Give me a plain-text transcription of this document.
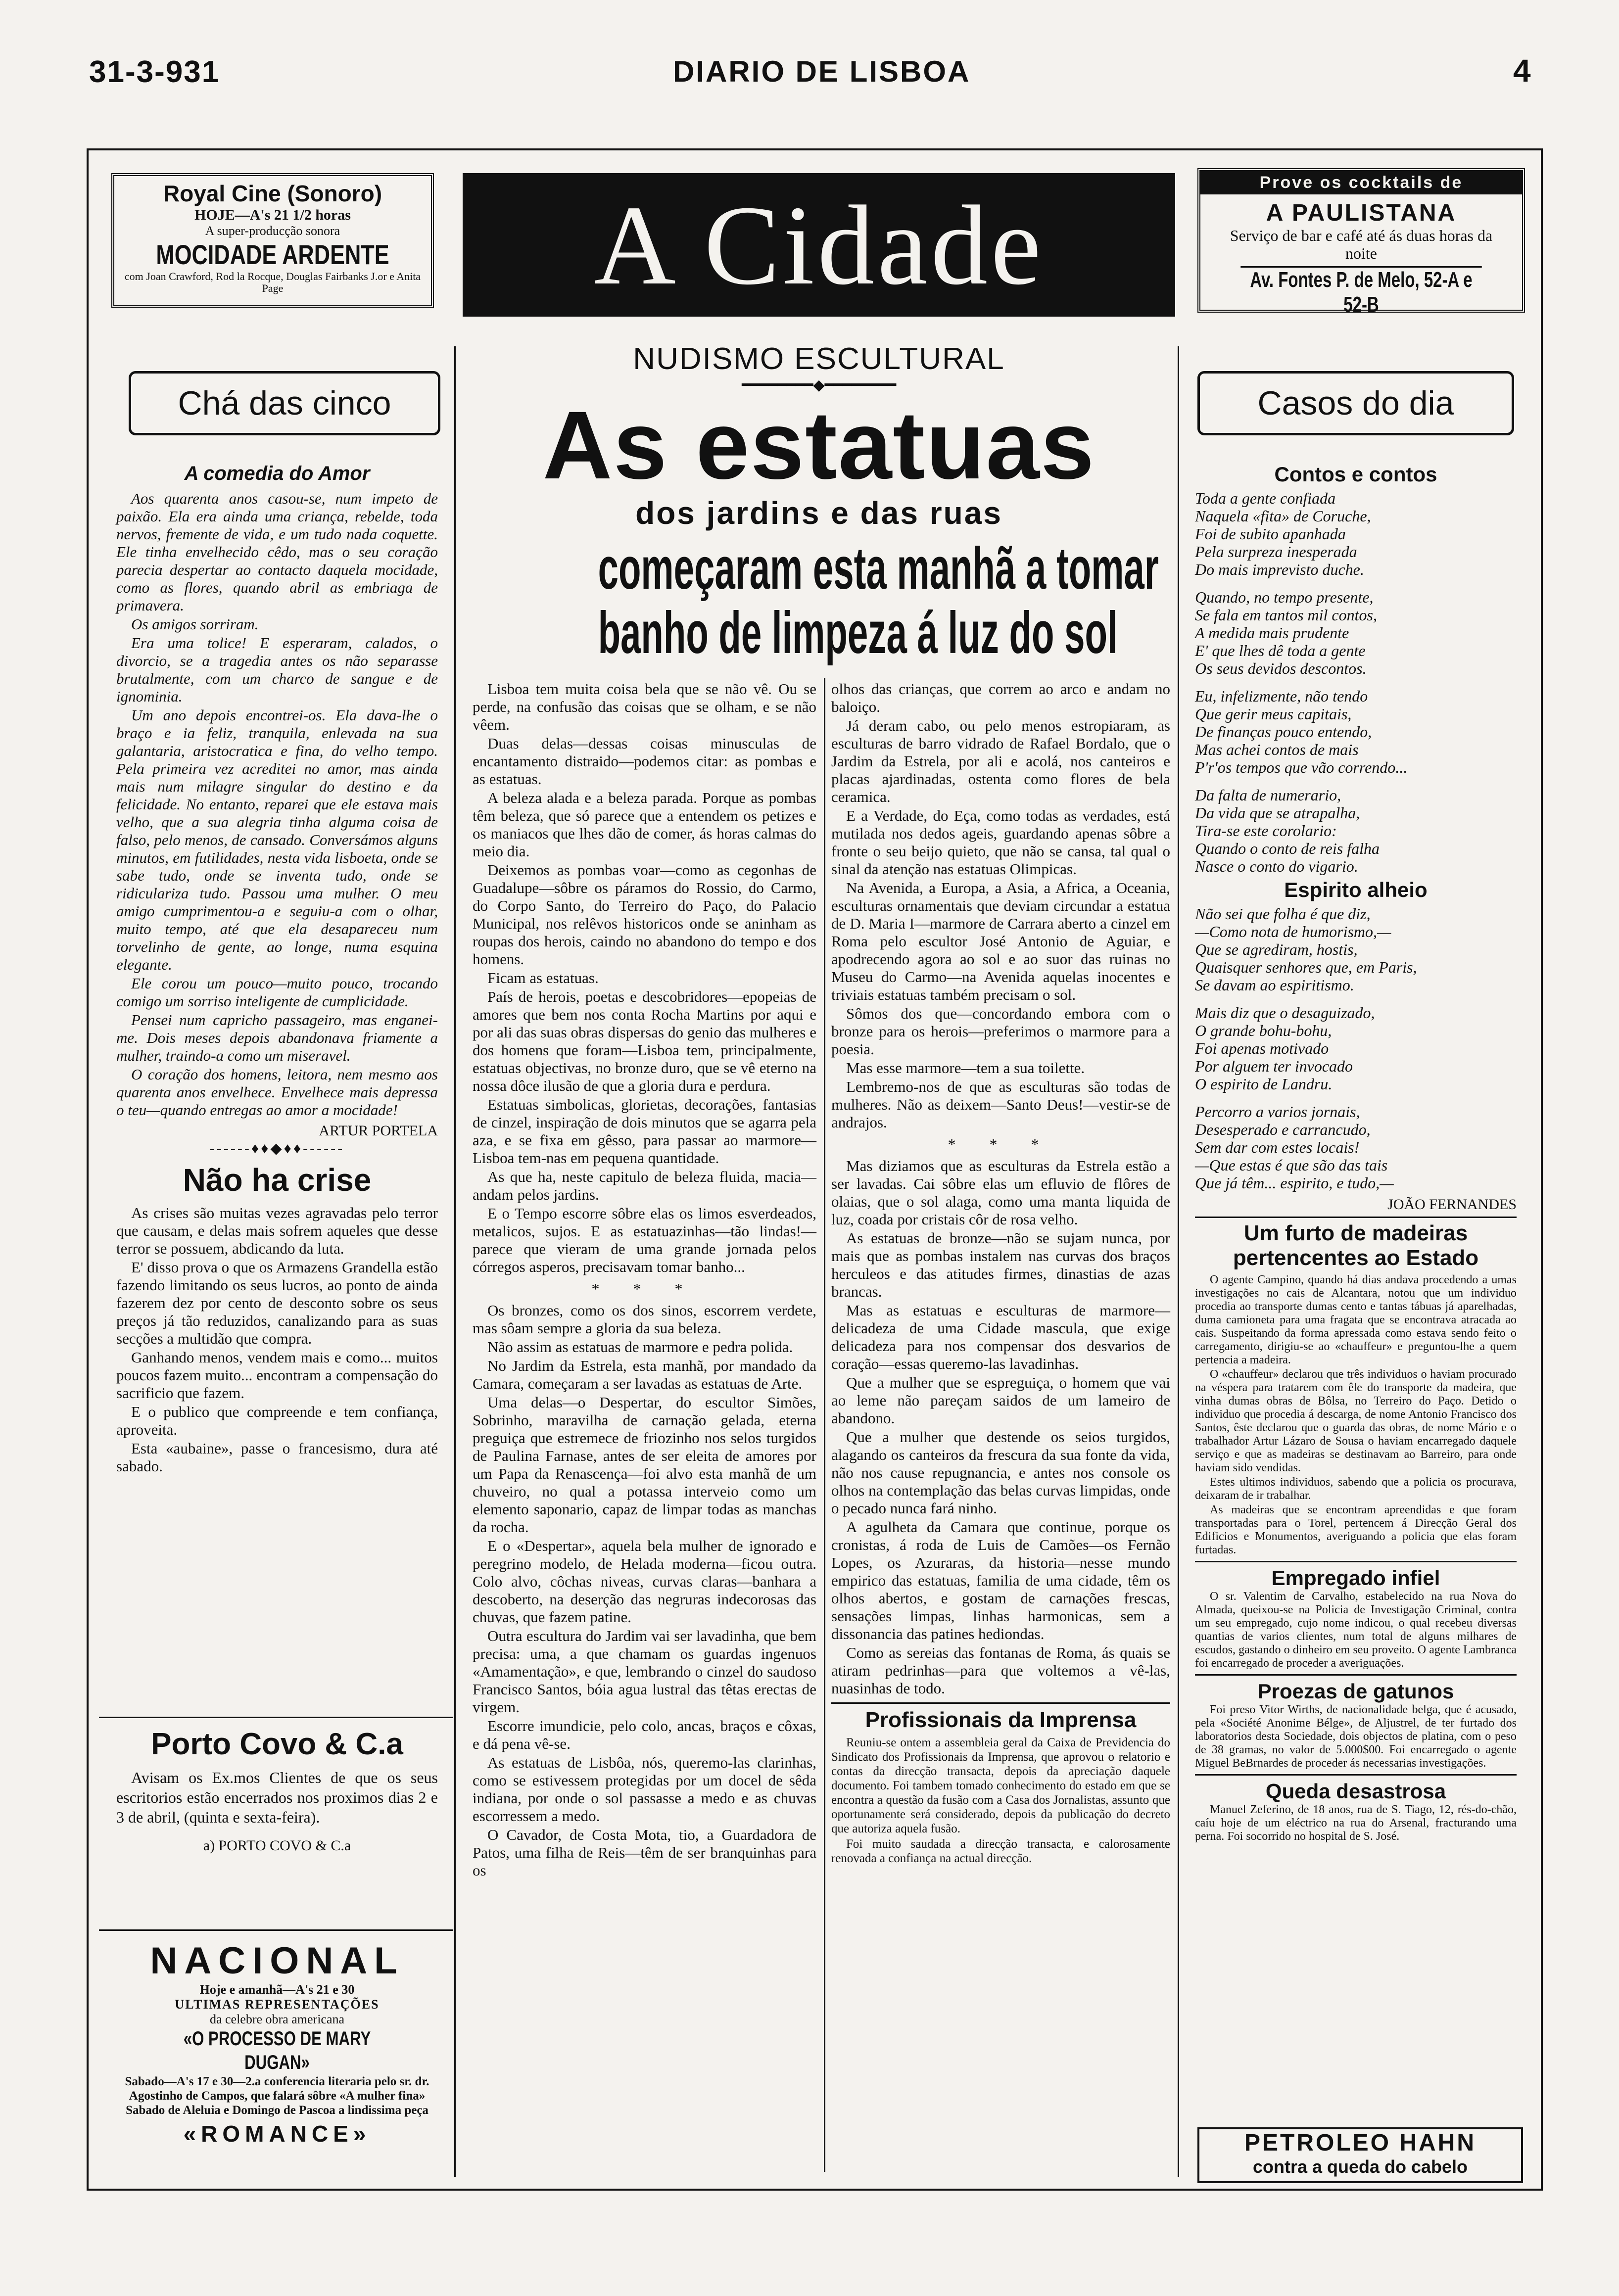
31-3-931	DIARIO DE LISBOA	4
Royal Cine (Sonoro)
HOJE—A's 21 1/2 horas
A super-producção sonora
MOCIDADE ARDENTE
com Joan Crawford, Rod la Rocque, Douglas Fairbanks J.or e Anita Page	A Cidade	Prove os cocktails de
A PAULISTANA
Serviço de bar e café até ás duas horas da noite
Av. Fontes P. de Melo, 52-A e 52-B
Chá das cinco
A comedia do Amor

Aos quarenta anos casou-se, num impeto de paixão. Ela era ainda uma criança, rebelde, toda nervos, fremente de vida, e um tudo nada coquette. Ele tinha envelhecido cêdo, mas o seu coração parecia despertar ao contacto daquela mocidade, como as flores, quando abril as embriaga de primavera.

Os amigos sorriram.

Era uma tolice! E esperaram, calados, o divorcio, se a tragedia antes os não separasse brutalmente, com um charco de sangue e de ignominia.

Um ano depois encontrei-os. Ela dava-lhe o braço e ia feliz, tranquila, enlevada na sua galantaria, aristocratica e fina, do velho tempo. Pela primeira vez acreditei no amor, mas ainda mais num milagre singular do destino e da felicidade. No entanto, reparei que ele estava mais velho, que a sua alegria tinha alguma coisa de falso, pelo menos, de cansado. Conversámos alguns minutos, em futilidades, nesta vida lisboeta, onde se sabe tudo, onde se inventa tudo, onde se ridiculariza tudo. Passou uma mulher. O meu amigo cumprimentou-a e seguiu-a com o olhar, muito tempo, até que ela desapareceu num torvelinho de gente, ao longe, numa esquina elegante.

Ele corou um pouco—muito pouco, trocando comigo um sorriso inteligente de cumplicidade.

Pensei num capricho passageiro, mas enganei-me. Dois meses depois abandonava friamente a mulher, traindo-a como um miseravel.

O coração dos homens, leitora, nem mesmo aos quarenta anos envelhece. Envelhece mais depressa o teu—quando entregas ao amor a mocidade!

ARTUR PORTELA
------♦♦◆♦♦------
Não ha crise

As crises são muitas vezes agravadas pelo terror que causam, e delas mais sofrem aqueles que desse terror se possuem, abdicando da luta.

E' disso prova o que os Armazens Grandella estão fazendo limitando os seus lucros, ao ponto de ainda fazerem dez por cento de desconto sobre os seus preços já tão reduzidos, canalizando para as suas secções a multidão que compra.

Ganhando menos, vendem mais e como... muitos poucos fazem muito... encontram a compensação do sacrificio que fazem.

E o publico que compreende e tem confiança, aproveita.

Esta «aubaine», passe o francesismo, dura até sabado.

Porto Covo & C.a

Avisam os Ex.mos Clientes de que os seus escritorios estão encerrados nos proximos dias 2 e 3 de abril, (quinta e sexta-feira).

a) PORTO COVO & C.a
NACIONAL
Hoje e amanhã—A's 21 e 30
ULTIMAS REPRESENTAÇÕES
da celebre obra americana
«O PROCESSO DE MARY DUGAN»
Sabado—A's 17 e 30—2.a conferencia literaria pelo sr. dr. Agostinho de Campos, que falará sôbre «A mulher fina»
Sabado de Aleluia e Domingo de Pascoa a lindissima peça
«ROMANCE»
NUDISMO ESCULTURAL
━━━━━━━━◆━━━━━━━━
As estatuas
dos jardins e das ruas
começaram esta manhã a tomar
banho de limpeza á luz do sol

Lisboa tem muita coisa bela que se não vê. Ou se perde, na confusão das coisas que se olham, e se não vêem.

Duas delas—dessas coisas minusculas de encantamento distraido—podemos citar: as pombas e as estatuas.

A beleza alada e a beleza parada. Porque as pombas têm beleza, que só parece que a entendem os petizes e os maniacos que lhes dão de comer, ás horas calmas do meio dia.

Deixemos as pombas voar—como as cegonhas de Guadalupe—sôbre os páramos do Rossio, do Carmo, do Corpo Santo, do Terreiro do Paço, do Palacio Municipal, nos relêvos historicos onde se aninham as roupas dos herois, caindo no abandono do tempo e dos homens.

Ficam as estatuas.

País de herois, poetas e descobridores—epopeias de amores que bem nos conta Rocha Martins por aqui e por ali das suas obras dispersas do genio das mulheres e dos homens que foram—Lisboa tem, principalmente, estatuas objectivas, no bronze duro, que se vê eterno na nossa dôce ilusão de que a gloria dura e perdura.

Estatuas simbolicas, glorietas, decorações, fantasias de cinzel, inspiração de dois minutos que se agarra pela aza, e se fixa em gêsso, para passar ao marmore—Lisboa tem-nas em pequena quantidade.

As que ha, neste capitulo de beleza fluida, macia—andam pelos jardins.

E o Tempo escorre sôbre elas os limos esverdeados, metalicos, sujos. E as estatuazinhas—tão lindas!—parece que vieram de uma grande jornada pelos córregos asperos, precisavam tomar banho...

* * *

Os bronzes, como os dos sinos, escorrem verdete, mas sôam sempre a gloria da sua beleza.

Não assim as estatuas de marmore e pedra polida.

No Jardim da Estrela, esta manhã, por mandado da Camara, começaram a ser lavadas as estatuas de Arte.

Uma delas—o Despertar, do escultor Simões, Sobrinho, maravilha de carnação gelada, eterna preguiça que estremece de friozinho nos selos turgidos de Paulina Farnase, antes de ser eleita de amores por um Papa da Renascença—foi alvo esta manhã de um chuveiro, no qual a potassa interveio como um elemento saponario, capaz de limpar todas as manchas da rocha.

E o «Despertar», aquela bela mulher de ignorado e peregrino modelo, de Helada moderna—ficou outra. Colo alvo, côchas niveas, curvas claras—banhara a descoberto, na deserção das negruras indecorosas das chuvas, que fazem patine.

Outra escultura do Jardim vai ser lavadinha, que bem precisa: uma, a que chamam os guardas ingenuos «Amamentação», e que, lembrando o cinzel do saudoso Francisco Santos, bóia agua lustral das têtas erectas de virgem.

Escorre imundicie, pelo colo, ancas, braços e côxas, e dá pena vê-se.

As estatuas de Lisbôa, nós, queremo-las clarinhas, como se estivessem protegidas por um docel de sêda indiana, por onde o sol passasse a medo e as chuvas escorressem a medo.

O Cavador, de Costa Mota, tio, a Guardadora de Patos, uma filha de Reis—têm de ser branquinhas para os

olhos das crianças, que correm ao arco e andam no baloiço.

Já deram cabo, ou pelo menos estropiaram, as esculturas de barro vidrado de Rafael Bordalo, que o Jardim da Estrela, por ali e acolá, nos canteiros e placas ajardinadas, ostenta como flores de bela ceramica.

E a Verdade, do Eça, como todas as verdades, está mutilada nos dedos ageis, guardando apenas sôbre a fronte o seu beijo quieto, que não se cansa, tal qual o sinal da atenção nas estatuas Olimpicas.

Na Avenida, a Europa, a Asia, a Africa, a Oceania, esculturas ornamentais que deviam circundar a estatua de D. Maria I—marmore de Carrara aberto a cinzel em Roma pelo escultor José Antonio de Aguiar, e apodrecendo agora ao sol e ao suor das ruinas no Museu do Carmo—na Avenida aquelas inocentes e triviais estatuas também precisam o sol.

Sômos dos que—concordando embora com o bronze para os herois—preferimos o marmore para a poesia.

Mas esse marmore—tem a sua toilette.

Lembremo-nos de que as esculturas são todas de mulheres. Não as deixem—Santo Deus!—vestir-se de andrajos.

* * *

Mas diziamos que as esculturas da Estrela estão a ser lavadas. Cai sôbre elas um efluvio de flôres de olaias, que o sol alaga, como uma manta liquida de luz, coada por cristais côr de rosa velho.

As estatuas de bronze—não se sujam nunca, por mais que as pombas instalem nas curvas dos braços herculeos e das atitudes firmes, dinastias de azas brancas.

Mas as estatuas e esculturas de marmore—delicadeza de uma Cidade mascula, que exige delicadeza para nos compensar dos desvarios de coração—essas queremo-las lavadinhas.

Que a mulher que se espreguiça, o homem que vai ao leme não pareçam saidos de um lameiro de abandono.

Que a mulher que destende os seios turgidos, alagando os canteiros da frescura da sua fonte da vida, não nos cause repugnancia, e antes nos console os olhos na contemplação das belas curvas limpidas, onde o pecado nunca fará ninho.

A agulheta da Camara que continue, porque os cronistas, á roda de Luis de Camões—os Fernão Lopes, os Azuraras, da historia—nesse mundo empirico das estatuas, familia de uma cidade, têm os olhos abertos, e gostam de carnações frescas, sensações limpas, linhas harmonicas, sem a dissonancia das patines hediondas.

Como as sereias das fontanas de Roma, ás quais se atiram pedrinhas—para que voltemos a vê-las, nuasinhas de todo.

Profissionais da Imprensa

Reuniu-se ontem a assembleia geral da Caixa de Previdencia do Sindicato dos Profissionais da Imprensa, que aprovou o relatorio e contas da direcção transacta, depois da apreciação daquele documento. Foi tambem tomado conhecimento do estado em que se encontra a questão da fusão com a Casa dos Jornalistas, assunto que oportunamente será considerado, depois da publicação do decreto que autoriza aquela fusão.

Foi muito saudada a direcção transacta, e calorosamente renovada a confiança na actual direcção.

Casos do dia
Contos e contos
Toda a gente confiada
Naquela «fita» de Coruche,
Foi de subito apanhada
Pela surpreza inesperada
Do mais imprevisto duche.
Quando, no tempo presente,
Se fala em tantos mil contos,
A medida mais prudente
E' que lhes dê toda a gente
Os seus devidos descontos.
Eu, infelizmente, não tendo
Que gerir meus capitais,
De finanças pouco entendo,
Mas achei contos de mais
P'r'os tempos que vão correndo...
Da falta de numerario,
Da vida que se atrapalha,
Tira-se este corolario:
Quando o conto de reis falha
Nasce o conto do vigario.
Espirito alheio
Não sei que folha é que diz,
—Como nota de humorismo,—
Que se agrediram, hostis,
Quaisquer senhores que, em Paris,
Se davam ao espiritismo.
Mais diz que o desaguizado,
O grande bohu-bohu,
Foi apenas motivado
Por alguem ter invocado
O espirito de Landru.
Percorro a varios jornais,
Desesperado e carrancudo,
Sem dar com estes locais!
—Que estas é que são das tais
Que já têm... espirito, e tudo,—
JOÃO FERNANDES
Um furto de madeiras pertencentes ao Estado

O agente Campino, quando há dias andava procedendo a umas investigações no cais de Alcantara, notou que um individuo procedia ao transporte dumas cento e tantas tábuas já aparelhadas, duma camioneta para uma fragata que se encontrava atracada ao cais. Suspeitando da forma apressada como estava sendo feito o carregamento, dirigiu-se ao «chauffeur» e preguntou-lhe a quem pertencia a madeira.

O «chauffeur» declarou que três individuos o haviam procurado na véspera para tratarem com êle do transporte da madeira, que vinha dumas obras de Bôlsa, no Terreiro do Paço. Detido o individuo que procedia á descarga, de nome Antonio Francisco dos Santos, êste declarou que o guarda das obras, de nome Mário e o trabalhador Artur Lázaro de Sousa o haviam encarregado daquele serviço e que as madeiras se destinavam ao Barreiro, para onde haviam sido vendidas.

Estes ultimos individuos, sabendo que a policia os procurava, deixaram de ir trabalhar.

As madeiras que se encontram apreendidas e que foram transportadas para o Torel, pertencem á Direcção Geral dos Edificios e Monumentos, averiguando a policia que elas foram furtadas.

Empregado infiel

O sr. Valentim de Carvalho, estabelecido na rua Nova do Almada, queixou-se na Policia de Investigação Criminal, contra um seu empregado, cujo nome indicou, o qual recebeu diversas quantias de varios clientes, num total de alguns milhares de escudos, gastando o dinheiro em seu proveito. O agente Lambranca foi encarregado de proceder a averiguações.

Proezas de gatunos

Foi preso Vitor Wirths, de nacionalidade belga, que é acusado, pela «Société Anonime Bélge», de Aljustrel, de ter furtado dos laboratorios desta Sociedade, dois objectos de platina, com o peso de 38 gramas, no valor de 5.000$00. Foi encarregado o agente Miguel BeBrnardes de proceder ás necessarias investigações.

Queda desastrosa

Manuel Zeferino, de 18 anos, rua de S. Tiago, 12, rés-do-chão, caíu hoje de um eléctrico na rua do Arsenal, fracturando uma perna. Foi socorrido no hospital de S. José.

PETROLEO HAHN
contra a queda do cabelo
